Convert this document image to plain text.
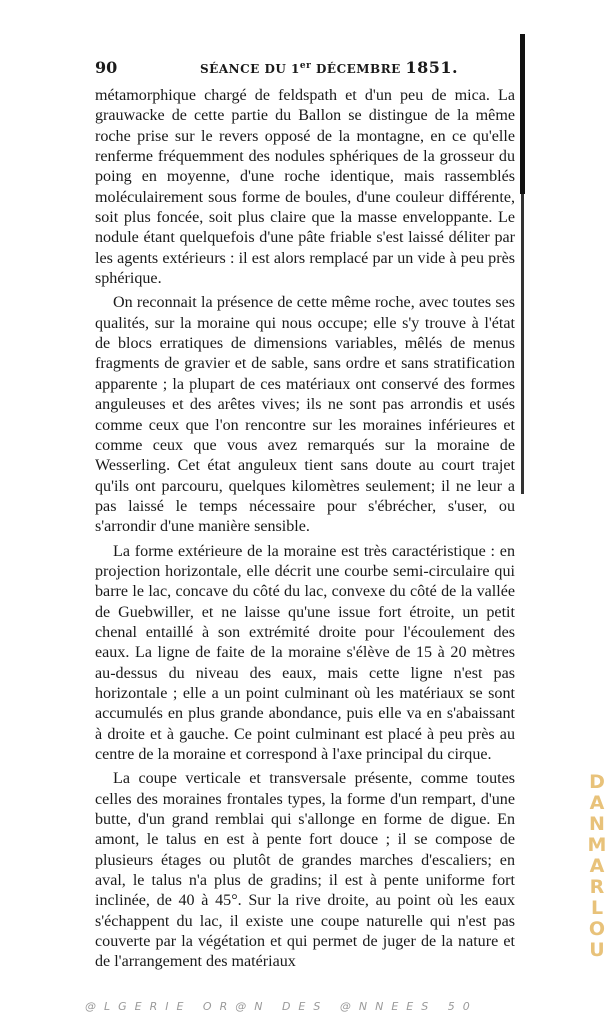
90	SÉANCE DU 1er DÉCEMBRE 1851.

métamorphique chargé de feldspath et d'un peu de mica. La grauwacke de cette partie du Ballon se distingue de la même roche prise sur le revers opposé de la montagne, en ce qu'elle renferme fréquemment des nodules sphériques de la grosseur du poing en moyenne, d'une roche identique, mais rassemblés moléculairement sous forme de boules, d'une couleur différente, soit plus foncée, soit plus claire que la masse enveloppante. Le nodule étant quelquefois d'une pâte friable s'est laissé déliter par les agents extérieurs : il est alors remplacé par un vide à peu près sphérique.

On reconnait la présence de cette même roche, avec toutes ses qualités, sur la moraine qui nous occupe; elle s'y trouve à l'état de blocs erratiques de dimensions variables, mêlés de menus fragments de gravier et de sable, sans ordre et sans stratification apparente ; la plupart de ces matériaux ont conservé des formes anguleuses et des arêtes vives; ils ne sont pas arrondis et usés comme ceux que l'on rencontre sur les moraines inférieures et comme ceux que vous avez remarqués sur la moraine de Wesserling. Cet état anguleux tient sans doute au court trajet qu'ils ont parcouru, quelques kilomètres seulement; il ne leur a pas laissé le temps nécessaire pour s'ébrécher, s'user, ou s'arrondir d'une manière sensible.

La forme extérieure de la moraine est très caractéristique : en projection horizontale, elle décrit une courbe semi-circulaire qui barre le lac, concave du côté du lac, convexe du côté de la vallée de Guebwiller, et ne laisse qu'une issue fort étroite, un petit chenal entaillé à son extrémité droite pour l'écoulement des eaux. La ligne de faite de la moraine s'élève de 15 à 20 mètres au-dessus du niveau des eaux, mais cette ligne n'est pas horizontale ; elle a un point culminant où les matériaux se sont accumulés en plus grande abondance, puis elle va en s'abaissant à droite et à gauche. Ce point culminant est placé à peu près au centre de la moraine et correspond à l'axe principal du cirque.

La coupe verticale et transversale présente, comme toutes celles des moraines frontales types, la forme d'un rempart, d'une butte, d'un grand remblai qui s'allonge en forme de digue. En amont, le talus en est à pente fort douce ; il se compose de plusieurs étages ou plutôt de grandes marches d'escaliers; en aval, le talus n'a plus de gradins; il est à pente uniforme fort inclinée, de 40 à 45°. Sur la rive droite, au point où les eaux s'échappent du lac, il existe une coupe naturelle qui n'est pas couverte par la végétation et qui permet de juger de la nature et de l'arrangement des matériaux

DANMARLOU
@LGERIE OR@N DES @NNEES 50
